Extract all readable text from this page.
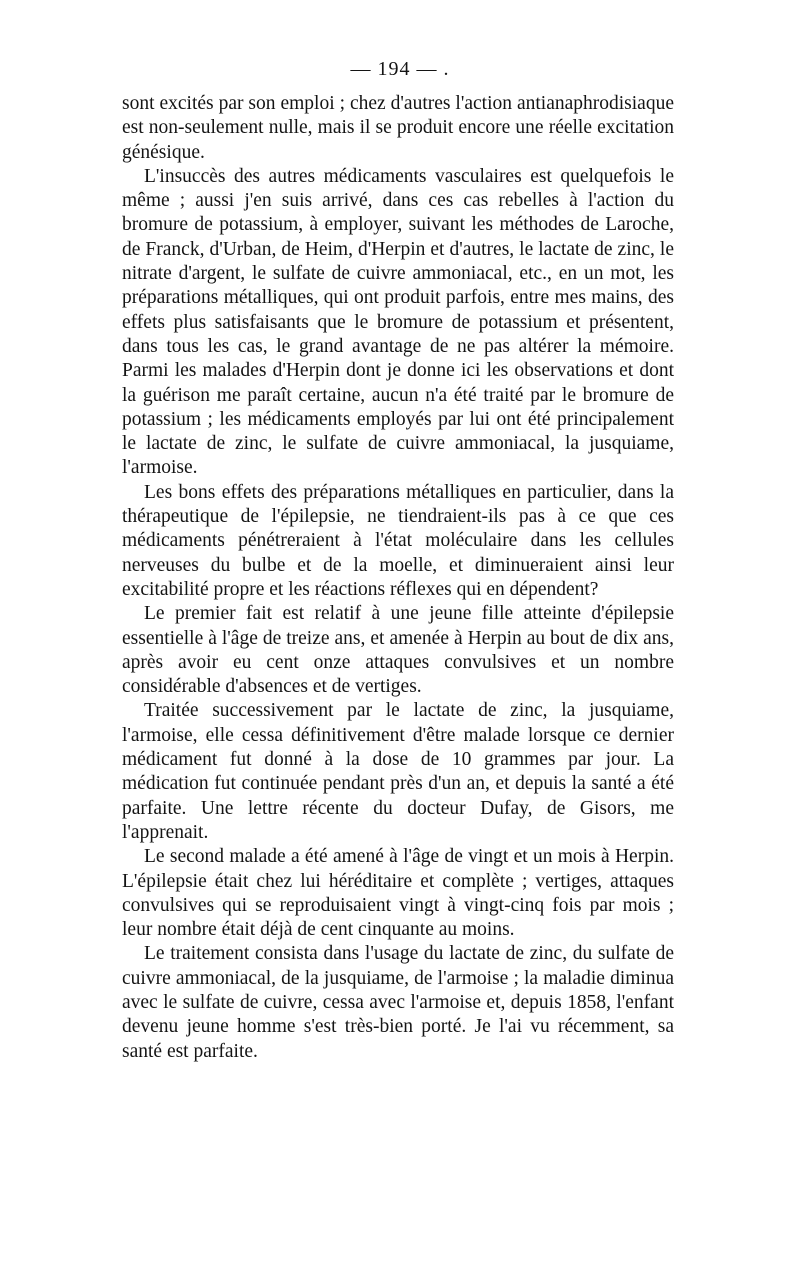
— 194 — .

sont excités par son emploi ; chez d'autres l'action antianaphrodisiaque est non-seulement nulle, mais il se produit encore une réelle excitation génésique.

L'insuccès des autres médicaments vasculaires est quelquefois le même ; aussi j'en suis arrivé, dans ces cas rebelles à l'action du bromure de potassium, à employer, suivant les méthodes de Laroche, de Franck, d'Urban, de Heim, d'Herpin et d'autres, le lactate de zinc, le nitrate d'argent, le sulfate de cuivre ammoniacal, etc., en un mot, les préparations métalliques, qui ont produit parfois, entre mes mains, des effets plus satisfaisants que le bromure de potassium et présentent, dans tous les cas, le grand avantage de ne pas altérer la mémoire. Parmi les malades d'Herpin dont je donne ici les observations et dont la guérison me paraît certaine, aucun n'a été traité par le bromure de potassium ; les médicaments employés par lui ont été principalement le lactate de zinc, le sulfate de cuivre ammoniacal, la jusquiame, l'armoise.

Les bons effets des préparations métalliques en particulier, dans la thérapeutique de l'épilepsie, ne tiendraient-ils pas à ce que ces médicaments pénétreraient à l'état moléculaire dans les cellules nerveuses du bulbe et de la moelle, et diminueraient ainsi leur excitabilité propre et les réactions réflexes qui en dépendent?

Le premier fait est relatif à une jeune fille atteinte d'épilepsie essentielle à l'âge de treize ans, et amenée à Herpin au bout de dix ans, après avoir eu cent onze attaques convulsives et un nombre considérable d'absences et de vertiges.

Traitée successivement par le lactate de zinc, la jusquiame, l'armoise, elle cessa définitivement d'être malade lorsque ce dernier médicament fut donné à la dose de 10 grammes par jour. La médication fut continuée pendant près d'un an, et depuis la santé a été parfaite. Une lettre récente du docteur Dufay, de Gisors, me l'apprenait.

Le second malade a été amené à l'âge de vingt et un mois à Herpin. L'épilepsie était chez lui héréditaire et complète ; vertiges, attaques convulsives qui se reproduisaient vingt à vingt-cinq fois par mois ; leur nombre était déjà de cent cinquante au moins.

Le traitement consista dans l'usage du lactate de zinc, du sulfate de cuivre ammoniacal, de la jusquiame, de l'armoise ; la maladie diminua avec le sulfate de cuivre, cessa avec l'armoise et, depuis 1858, l'enfant devenu jeune homme s'est très-bien porté. Je l'ai vu récemment, sa santé est parfaite.
